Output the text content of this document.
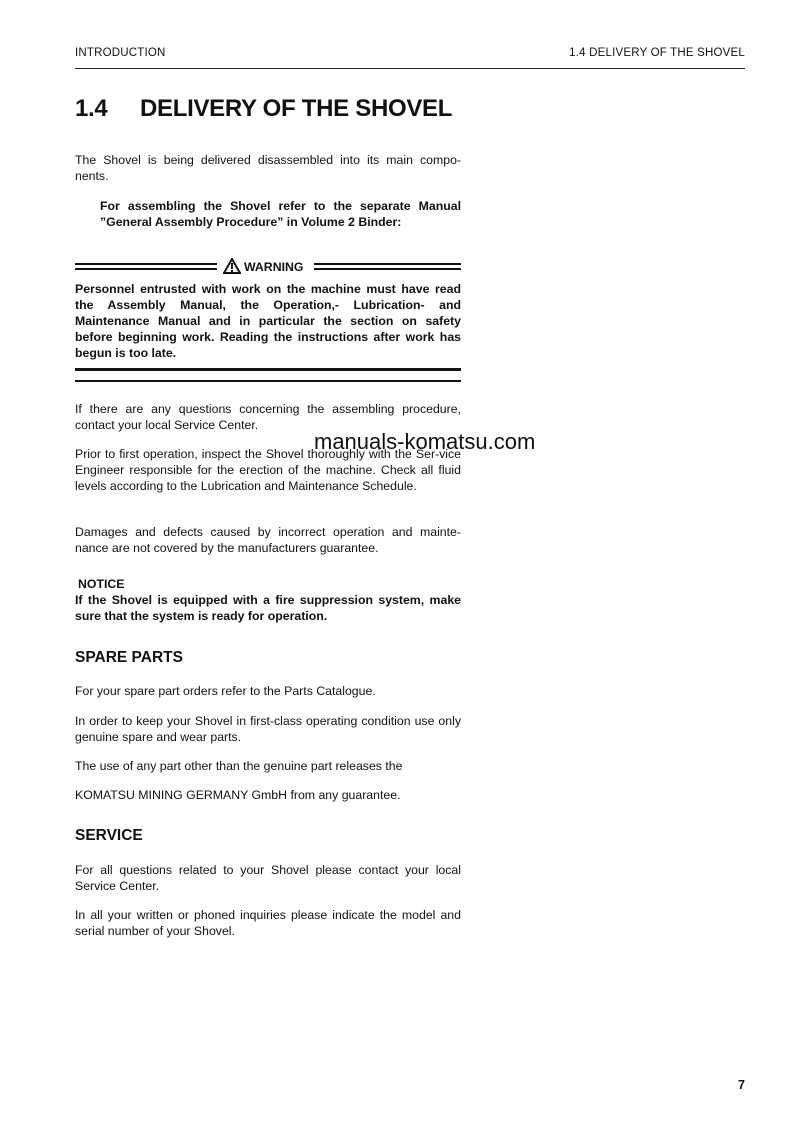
INTRODUCTION	1.4 DELIVERY OF THE SHOVEL
1.4 DELIVERY OF THE SHOVEL

The Shovel is being delivered disassembled into its main compo-nents.

For assembling the Shovel refer to the separate Manual ”General Assembly Procedure” in Volume 2 Binder:

WARNING

Personnel entrusted with work on the machine must have read the Assembly Manual, the Operation,- Lubrication- and Maintenance Manual and in particular the section on safety before beginning work. Reading the instructions after work has begun is too late.

If there are any questions concerning the assembling procedure, contact your local Service Center.

Prior to first operation, inspect the Shovel thoroughly with the Ser-vice Engineer responsible for the erection of the machine. Check all fluid levels according to the Lubrication and Maintenance Schedule.

Damages and defects caused by incorrect operation and mainte-nance are not covered by the manufacturers guarantee.

NOTICE

If the Shovel is equipped with a fire suppression system, make sure that the system is ready for operation.

SPARE PARTS

For your spare part orders refer to the Parts Catalogue.

In order to keep your Shovel in first-class operating condition use only genuine spare and wear parts.

The use of any part other than the genuine part releases the

KOMATSU MINING GERMANY GmbH from any guarantee.

SERVICE

For all questions related to your Shovel please contact your local Service Center.

In all your written or phoned inquiries please indicate the model and serial number of your Shovel.

manuals-komatsu.com
7
